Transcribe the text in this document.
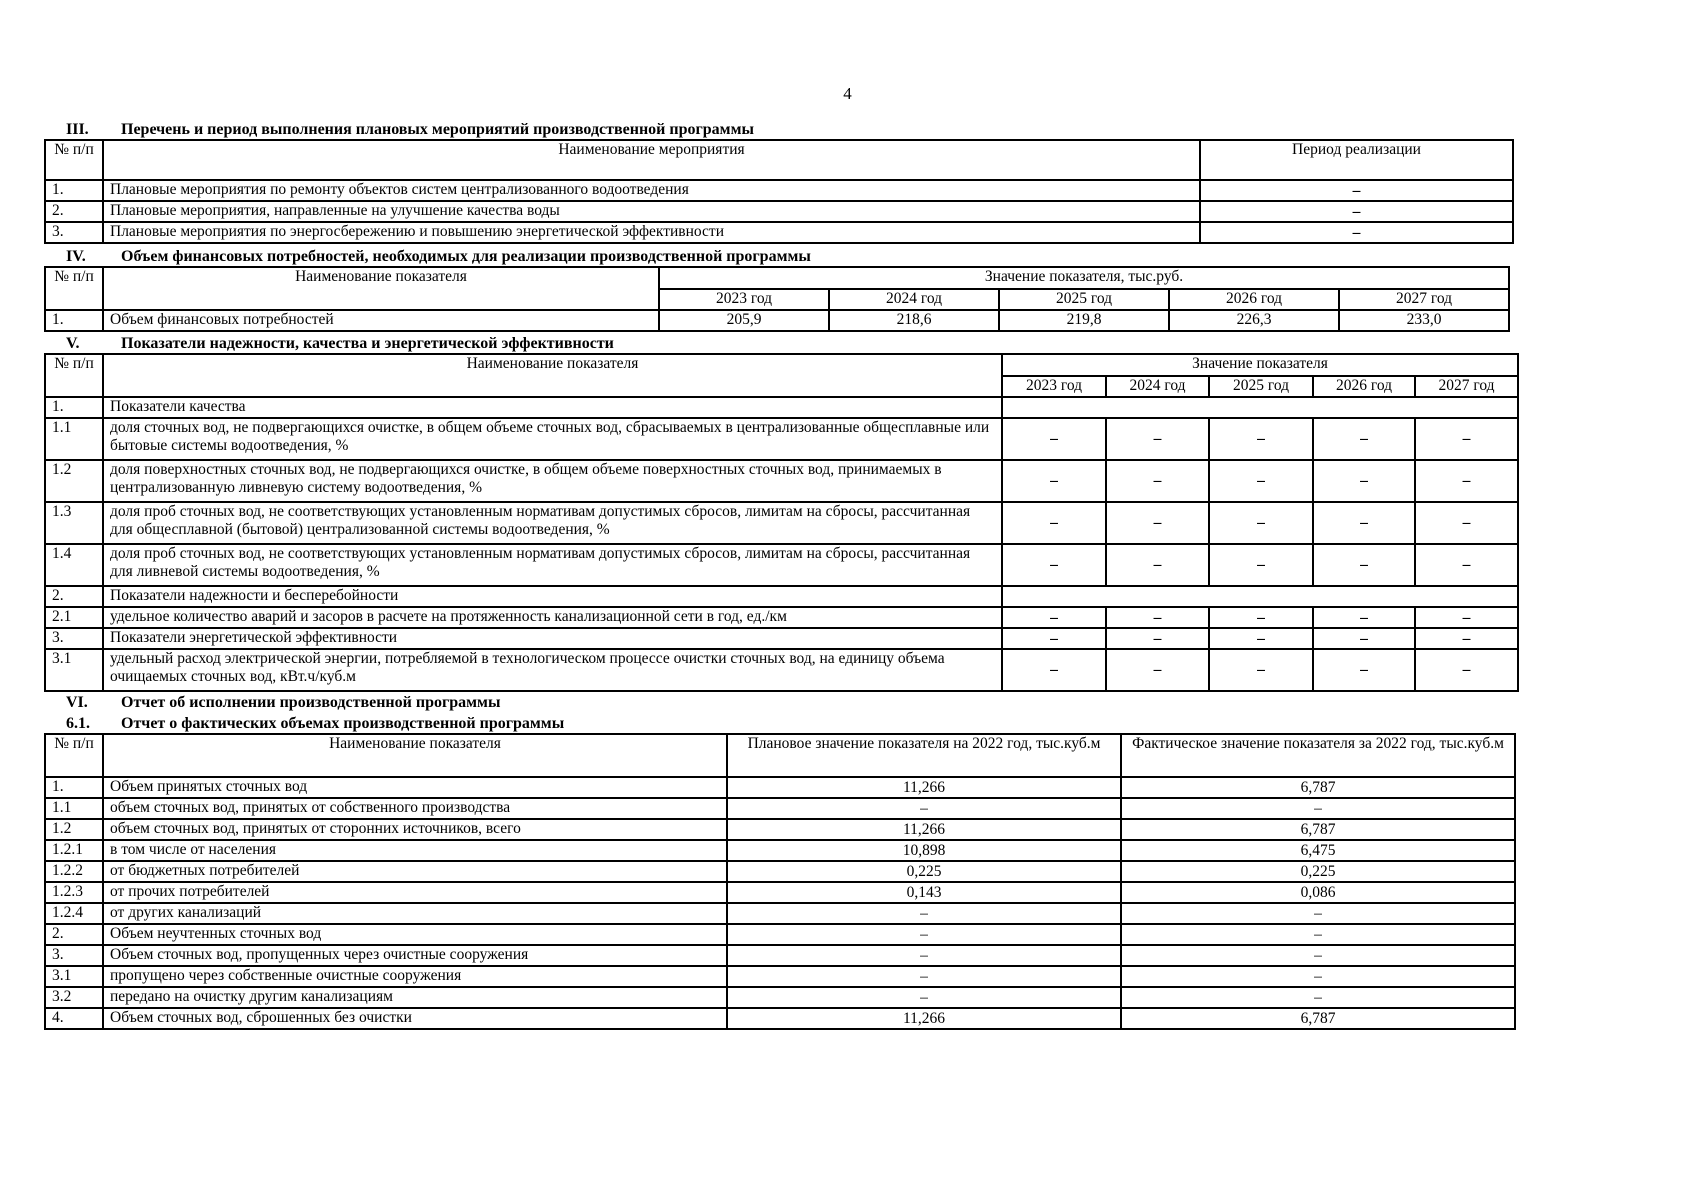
4
III. Перечень и период выполнения плановых мероприятий производственной программы
№ п/п	Наименование мероприятия	Период реализации
1.	Плановые мероприятия по ремонту объектов систем централизованного водоотведения	–
2.	Плановые мероприятия, направленные на улучшение качества воды	–
3.	Плановые мероприятия по энергосбережению и повышению энергетической эффективности	–
IV. Объем финансовых потребностей, необходимых для реализации производственной программы
№ п/п	Наименование показателя	Значение показателя, тыс.руб.				
		2023 год	2024 год	2025 год	2026 год	2027 год
1.	Объем финансовых потребностей	205,9	218,6	219,8	226,3	233,0
V.	Показатели надежности, качества и энергетической эффективности
№ п/п	Наименование показателя	Значение показателя				
		2023 год	2024 год	2025 год	2026 год	2027 год
1.	Показатели качества					
1.1	доля сточных вод, не подвергающихся очистке, в общем объеме сточных вод, сбрасываемых в централизованные общесплавные или бытовые системы водоотведения, %	–	–	–	–	–
1.2	доля поверхностных сточных вод, не подвергающихся очистке, в общем объеме поверхностных сточных вод, принимаемых в централизованную ливневую систему водоотведения, %	–	–	–	–	–
1.3	доля проб сточных вод, не соответствующих установленным нормативам допустимых сбросов, лимитам на сбросы, рассчитанная для общесплавной (бытовой) централизованной системы водоотведения, %	–	–	–	–	–
1.4	доля проб сточных вод, не соответствующих установленным нормативам допустимых сбросов, лимитам на сбросы, рассчитанная для ливневой системы водоотведения, %	–	–	–	–	–
2.	Показатели надежности и бесперебойности					
2.1	удельное количество аварий и засоров в расчете на протяженность канализационной сети в год, ед./км	–	–	–	–	–
3.	Показатели энергетической эффективности	–	–	–	–	–
3.1	удельный расход электрической энергии, потребляемой в технологическом процессе очистки сточных вод, на единицу объема очищаемых сточных вод, кВт.ч/куб.м	–	–	–	–	–
VI. Отчет об исполнении производственной программы
6.1. Отчет о фактических объемах производственной программы
№ п/п	Наименование показателя	Плановое значение показателя на 2022 год, тыс.куб.м	Фактическое значение показателя за 2022 год, тыс.куб.м
1.	Объем принятых сточных вод	11,266	6,787
1.1	объем сточных вод, принятых от собственного производства	–	–
1.2	объем сточных вод, принятых от сторонних источников, всего	11,266	6,787
1.2.1	в том числе от населения	10,898	6,475
1.2.2	от бюджетных потребителей	0,225	0,225
1.2.3	от прочих потребителей	0,143	0,086
1.2.4	от других канализаций	–	–
2.	Объем неучтенных сточных вод	–	–
3.	Объем сточных вод, пропущенных через очистные сооружения	–	–
3.1	пропущено через собственные очистные сооружения	–	–
3.2	передано на очистку другим канализациям	–	–
4.	Объем сточных вод, сброшенных без очистки	11,266	6,787
